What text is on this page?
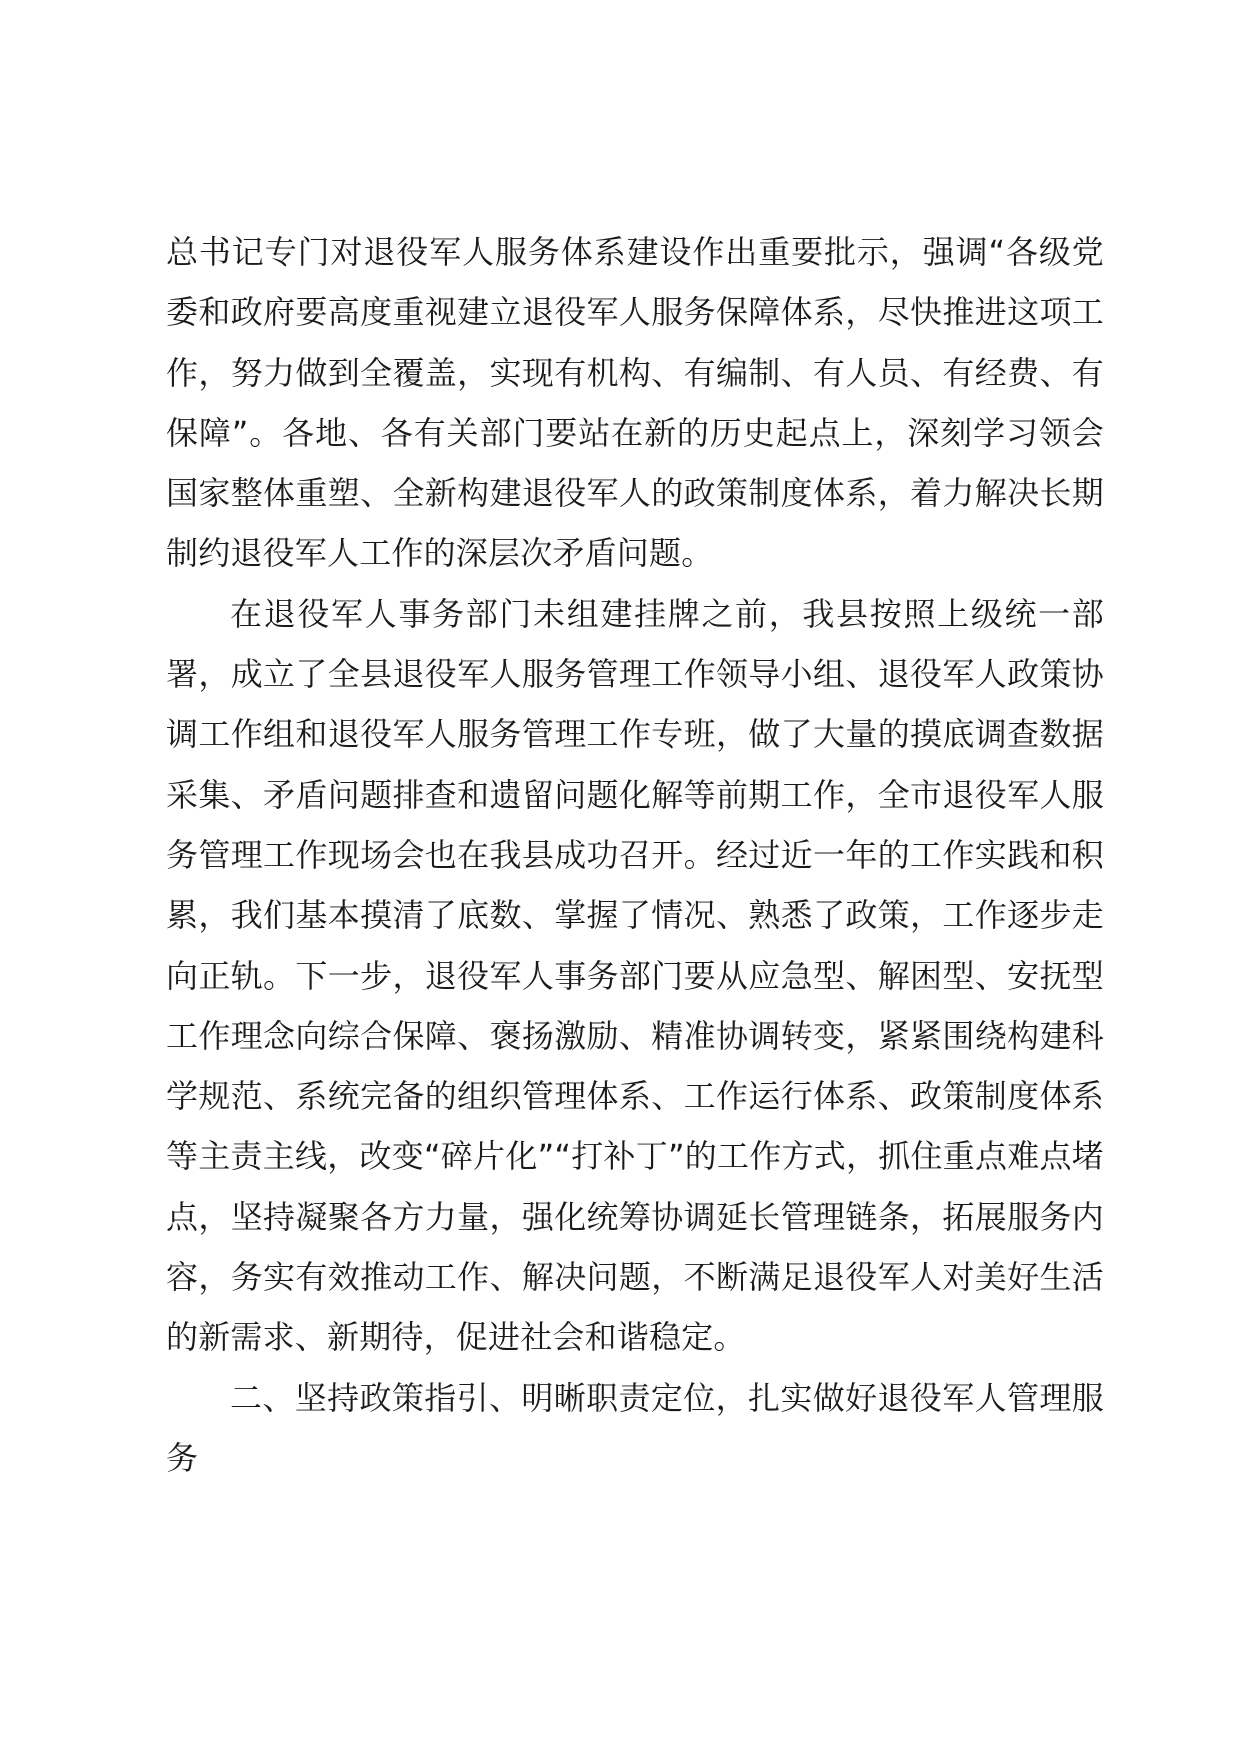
总书记专门对退役军人服务体系建设作出重要批示，强调“各级党委和政府要高度重视建立退役军人服务保障体系，尽快推进这项工作，努力做到全覆盖，实现有机构、有编制、有人员、有经费、有保障”。各地、各有关部门要站在新的历史起点上，深刻学习领会国家整体重塑、全新构建退役军人的政策制度体系，着力解决长期制约退役军人工作的深层次矛盾问题。

在退役军人事务部门未组建挂牌之前，我县按照上级统一部署，成立了全县退役军人服务管理工作领导小组、退役军人政策协调工作组和退役军人服务管理工作专班，做了大量的摸底调查数据采集、矛盾问题排查和遗留问题化解等前期工作，全市退役军人服务管理工作现场会也在我县成功召开。经过近一年的工作实践和积累，我们基本摸清了底数、掌握了情况、熟悉了政策，工作逐步走向正轨。下一步，退役军人事务部门要从应急型、解困型、安抚型工作理念向综合保障、褒扬激励、精准协调转变，紧紧围绕构建科学规范、系统完备的组织管理体系、工作运行体系、政策制度体系等主责主线，改变“碎片化”“打补丁”的工作方式，抓住重点难点堵点，坚持凝聚各方力量，强化统筹协调延长管理链条，拓展服务内容，务实有效推动工作、解决问题，不断满足退役军人对美好生活的新需求、新期待，促进社会和谐稳定。

二、坚持政策指引、明晰职责定位，扎实做好退役军人管理服务
